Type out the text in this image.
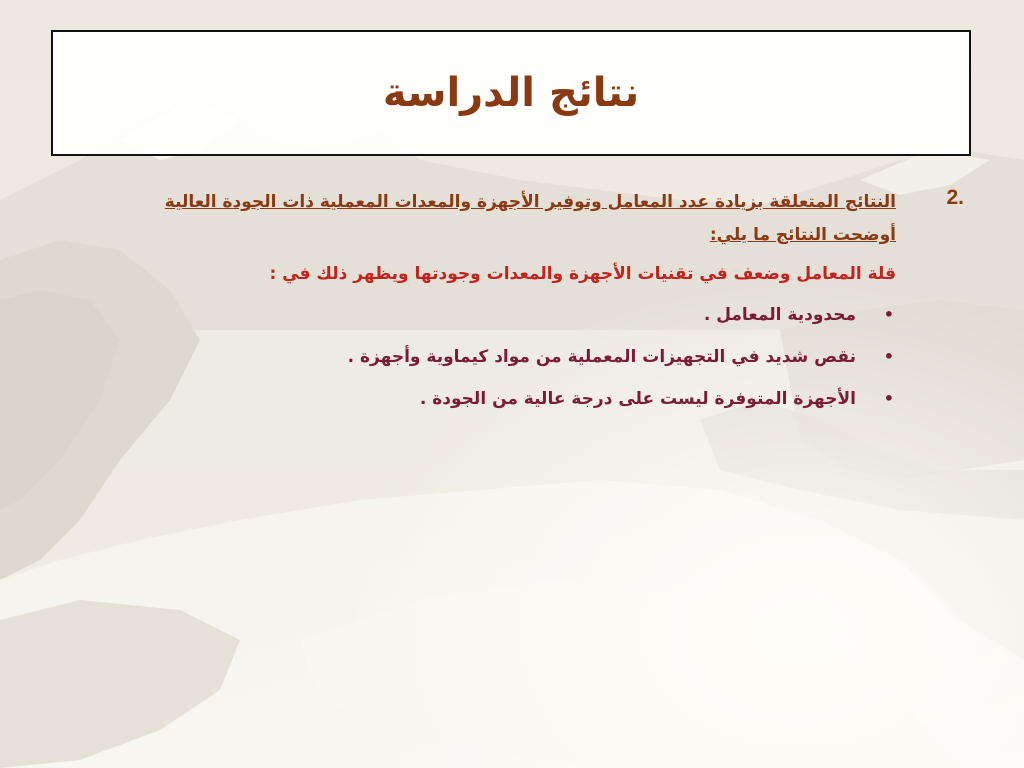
نتائج الدراسة
2.
النتائج المتعلقة بزيادة عدد المعامل وتوفير الأجهزة والمعدات المعملية ذات الجودة العالية
أوضحت النتائج ما يلي:
قلة المعامل وضعف في تقنيات الأجهزة والمعدات وجودتها ويظهر ذلك في :
•
محدودية المعامل .
•
نقص شديد في التجهيزات المعملية من مواد كيماوية وأجهزة .
•
الأجهزة المتوفرة ليست على درجة عالية من الجودة .
